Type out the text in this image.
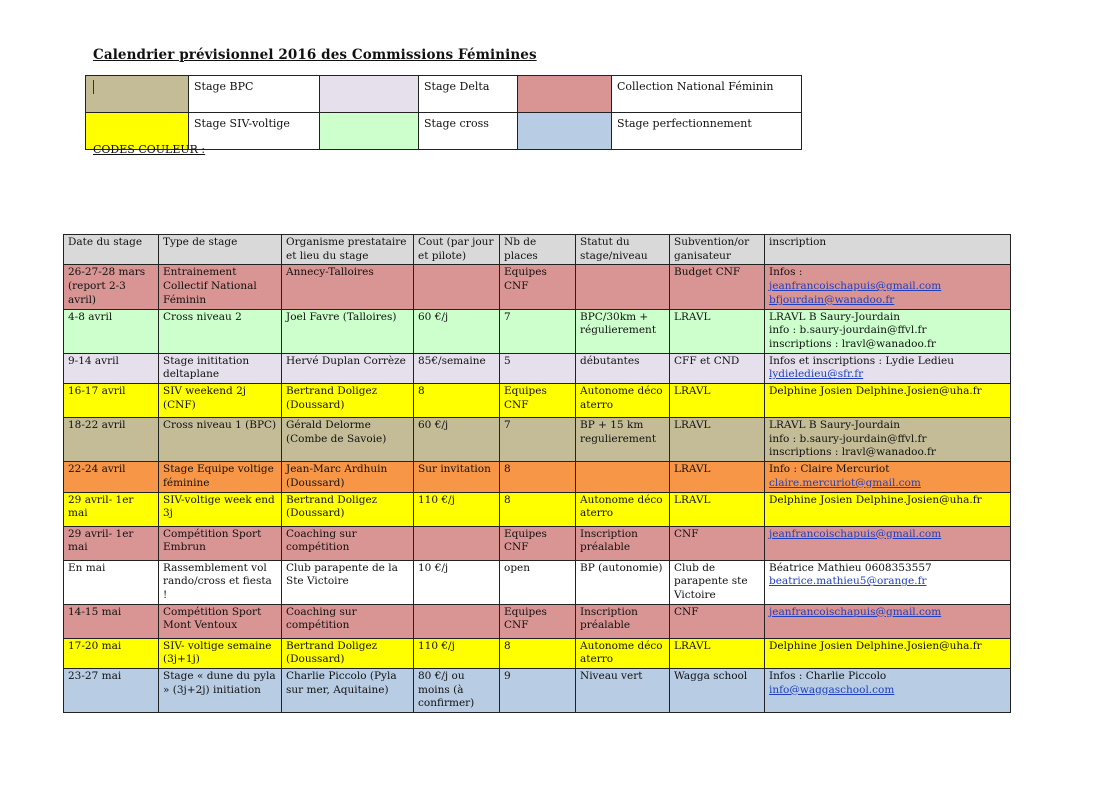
Calendrier prévisionnel 2016 des Commissions Féminines
	Stage BPC		Stage Delta		Collection National Féminin
	Stage SIV-voltige		Stage cross		Stage perfectionnement
CODES COULEUR :
Date du stage	Type de stage	Organisme prestataire et lieu du stage	Cout (par jour et pilote)	Nb de places	Statut du stage/niveau	Subvention/or ganisateur	inscription
26-27-28 mars (report 2-3 avril)	Entrainement Collectif National Féminin	Annecy-Talloires		Equipes CNF		Budget CNF	Infos :
jeanfrancoischapuis@gmail.com
bfjourdain@wanadoo.fr

4-8 avril	Cross niveau 2	Joel Favre (Talloires)	60 €/j	7	BPC/30km + régulierement	LRAVL	LRAVL B Saury-Jourdain
info : b.saury-jourdain@ffvl.fr
inscriptions : lravl@wanadoo.fr

9-14 avril	Stage inititation deltaplane	Hervé Duplan Corrèze	85€/semaine	5	débutantes	CFF et CND	Infos et inscriptions : Lydie Ledieu
lydieledieu@sfr.fr

16-17 avril	SIV weekend 2j (CNF)	Bertrand Doligez (Doussard)	8	Equipes CNF	Autonome déco aterro	LRAVL	Delphine Josien Delphine.Josien@uha.fr

18-22 avril	Cross niveau 1 (BPC)	Gérald Delorme (Combe de Savoie)	60 €/j	7	BP + 15 km regulierement	LRAVL	LRAVL B Saury-Jourdain
info : b.saury-jourdain@ffvl.fr
inscriptions : lravl@wanadoo.fr

22-24 avril	Stage Equipe voltige féminine	Jean-Marc Ardhuin (Doussard)	Sur invitation	8		LRAVL	Info : Claire Mercuriot
claire.mercuriot@gmail.com

29 avril- 1er mai	SIV-voltige week end 3j	Bertrand Doligez (Doussard)	110 €/j	8	Autonome déco aterro	LRAVL	Delphine Josien Delphine.Josien@uha.fr

29 avril- 1er mai	Compétition Sport Embrun	Coaching sur compétition		Equipes CNF	Inscription préalable	CNF	jeanfrancoischapuis@gmail.com

En mai	Rassemblement vol rando/cross et fiesta !	Club parapente de la Ste Victoire	10 €/j	open	BP (autonomie)	Club de parapente ste Victoire	Béatrice Mathieu 0608353557
beatrice.mathieu5@orange.fr

14-15 mai	Compétition Sport Mont Ventoux	Coaching sur compétition		Equipes CNF	Inscription préalable	CNF	jeanfrancoischapuis@gmail.com

17-20 mai	SIV- voltige semaine (3j+1j)	Bertrand Doligez (Doussard)	110 €/j	8	Autonome déco aterro	LRAVL	Delphine Josien Delphine.Josien@uha.fr

23-27 mai	Stage « dune du pyla » (3j+2j) initiation	Charlie Piccolo (Pyla sur mer, Aquitaine)	80 €/j ou moins (à confirmer)	9	Niveau vert	Wagga school	Infos : Charlie Piccolo
info@waggaschool.com
